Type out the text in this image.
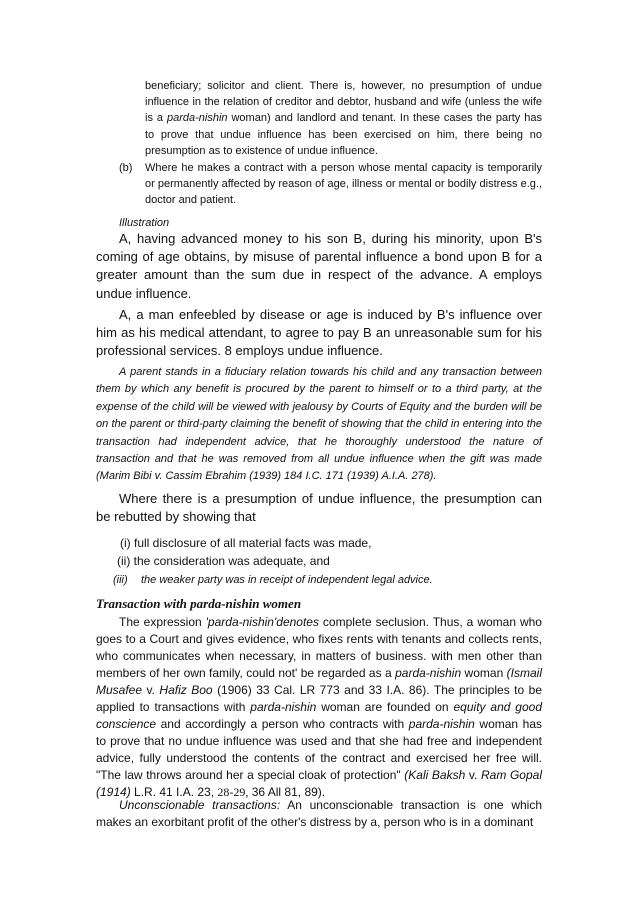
beneficiary; solicitor and client. There is, however, no presumption of undue influence in the relation of creditor and debtor, husband and wife (unless the wife is a parda-nishin woman) and landlord and tenant. In these cases the party has to prove that undue influence has been exercised on him, there being no presumption as to existence of undue influence.

(b) Where he makes a contract with a person whose mental capacity is temporarily or permanently affected by reason of age, illness or mental or bodily distress e.g., doctor and patient.

Illustration

A, having advanced money to his son B, during his minority, upon B's coming of age obtains, by misuse of parental influence a bond upon B for a greater amount than the sum due in respect of the advance. A employs undue influence.

A, a man enfeebled by disease or age is induced by B's influence over him as his medical attendant, to agree to pay B an unreasonable sum for his professional services. 8 employs undue influence.

A parent stands in a fiduciary relation towards his child and any transaction between them by which any benefit is procured by the parent to himself or to a third party, at the expense of the child will be viewed with jealousy by Courts of Equity and the burden will be on the parent or third-party claiming the benefit of showing that the child in entering into the transaction had independent advice, that he thoroughly understood the nature of transaction and that he was removed from all undue influence when the gift was made (Marim Bibi v. Cassim Ebrahim (1939) 184 I.C. 171 (1939) A.I.A. 278).

Where there is a presumption of undue influence, the presumption can be rebutted by showing that

(i) full disclosure of all material facts was made,
(ii) the consideration was adequate, and
(iii) the weaker party was in receipt of independent legal advice.

Transaction with parda-nishin women

The expression 'parda-nishin'denotes complete seclusion. Thus, a woman who goes to a Court and gives evidence, who fixes rents with tenants and collects rents, who communicates when necessary, in matters of business. with men other than members of her own family, could not' be regarded as a parda-nishin woman (Ismail Musafee v. Hafiz Boo (1906) 33 Cal. LR 773 and 33 I.A. 86). The principles to be applied to transactions with parda-nishin woman are founded on equity and good conscience and accordingly a person who contracts with parda-nishin woman has to prove that no undue influence was used and that she had free and independent advice, fully understood the contents of the contract and exercised her free will. "The law throws around her a special cloak of protection" (Kali Baksh v. Ram Gopal (1914) L.R. 41 I.A. 23, 28-29, 36 All 81, 89).

Unconscionable transactions: An unconscionable transaction is one which makes an exorbitant profit of the other's distress by a, person who is in a dominant
